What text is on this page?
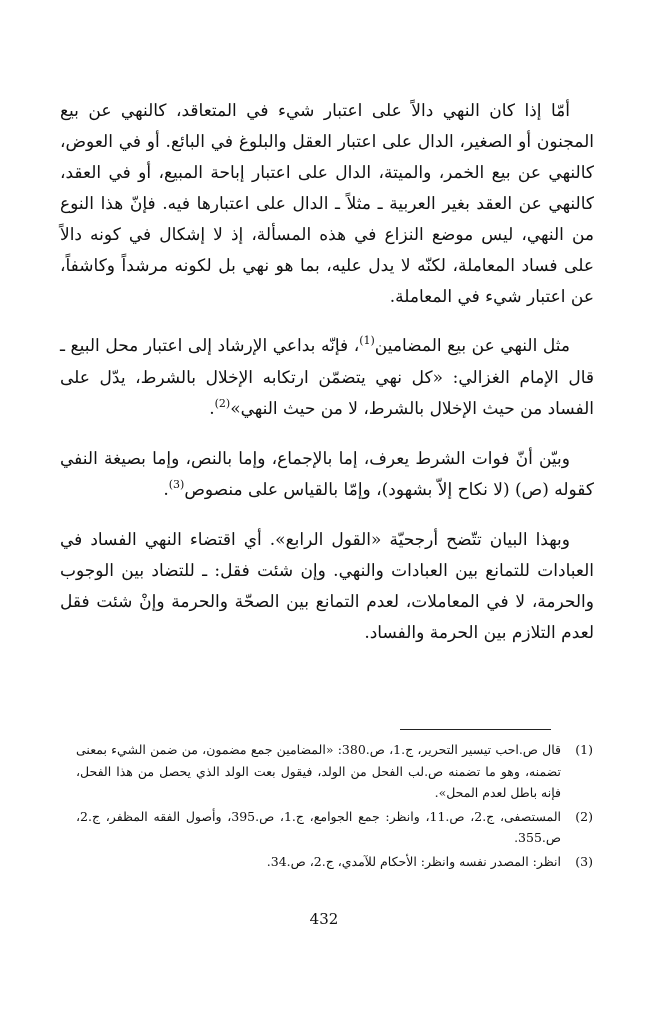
أمّا إذا كان النهي دالاً على اعتبار شيء في المتعاقد، كالنهي عن بيع المجنون أو الصغير، الدال على اعتبار العقل والبلوغ في البائع. أو في العوض، كالنهي عن بيع الخمر، والميتة، الدال على اعتبار إباحة المبيع، أو في العقد، كالنهي عن العقد بغير العربية ـ مثلاً ـ الدال على اعتبارها فيه. فإنّ هذا النوع من النهي، ليس موضع النزاع في هذه المسألة، إذ لا إشكال في كونه دالاً على فساد المعاملة، لكنّه لا يدل عليه، بما هو نهي بل لكونه مرشداً وكاشفاً، عن اعتبار شيء في المعاملة.

مثل النهي عن بيع المضامين$^{(1)}$، فإنّه بداعي الإرشاد إلى اعتبار محل البيع ـ قال الإمام الغزالي: «كل نهي يتضمّن ارتكابه الإخلال بالشرط، يدّل على الفساد من حيث الإخلال بالشرط، لا من حيث النهي»$^{(2)}$.

وبيّن أنّ فوات الشرط يعرف، إما بالإجماع، وإما بالنص، وإما بصيغة النفي كقوله (ص) (لا نكاح إلاّ بشهود)، وإمّا بالقياس على منصوص$^{(3)}$.

وبهذا البيان تتّضح أرجحيّة «القول الرابع». أي اقتضاء النهي الفساد في العبادات للتمانع بين العبادات والنهي. وإن شئت فقل: ـ للتضاد بين الوجوب والحرمة، لا في المعاملات، لعدم التمانع بين الصحّة والحرمة وإنْ شئت فقل لعدم التلازم بين الحرمة والفساد.

(1)
قال ص.احب تيسير التحرير، ج.1، ص.380: «المضامين جمع مضمون، من ضمن الشيء بمعنى تضمنه، وهو ما تضمنه ص.لب الفحل من الولد، فيقول بعت الولد الذي يحصل من هذا الفحل، فإنه باطل لعدم المحل».
(2)
المستصفى، ج.2، ص.11، وانظر: جمع الجوامع، ج.1، ص.395، وأصول الفقه المظفر، ج.2، ص.355.
(3)
انظر: المصدر نفسه وانظر: الأحكام للآمدي، ج.2، ص.34.
432
